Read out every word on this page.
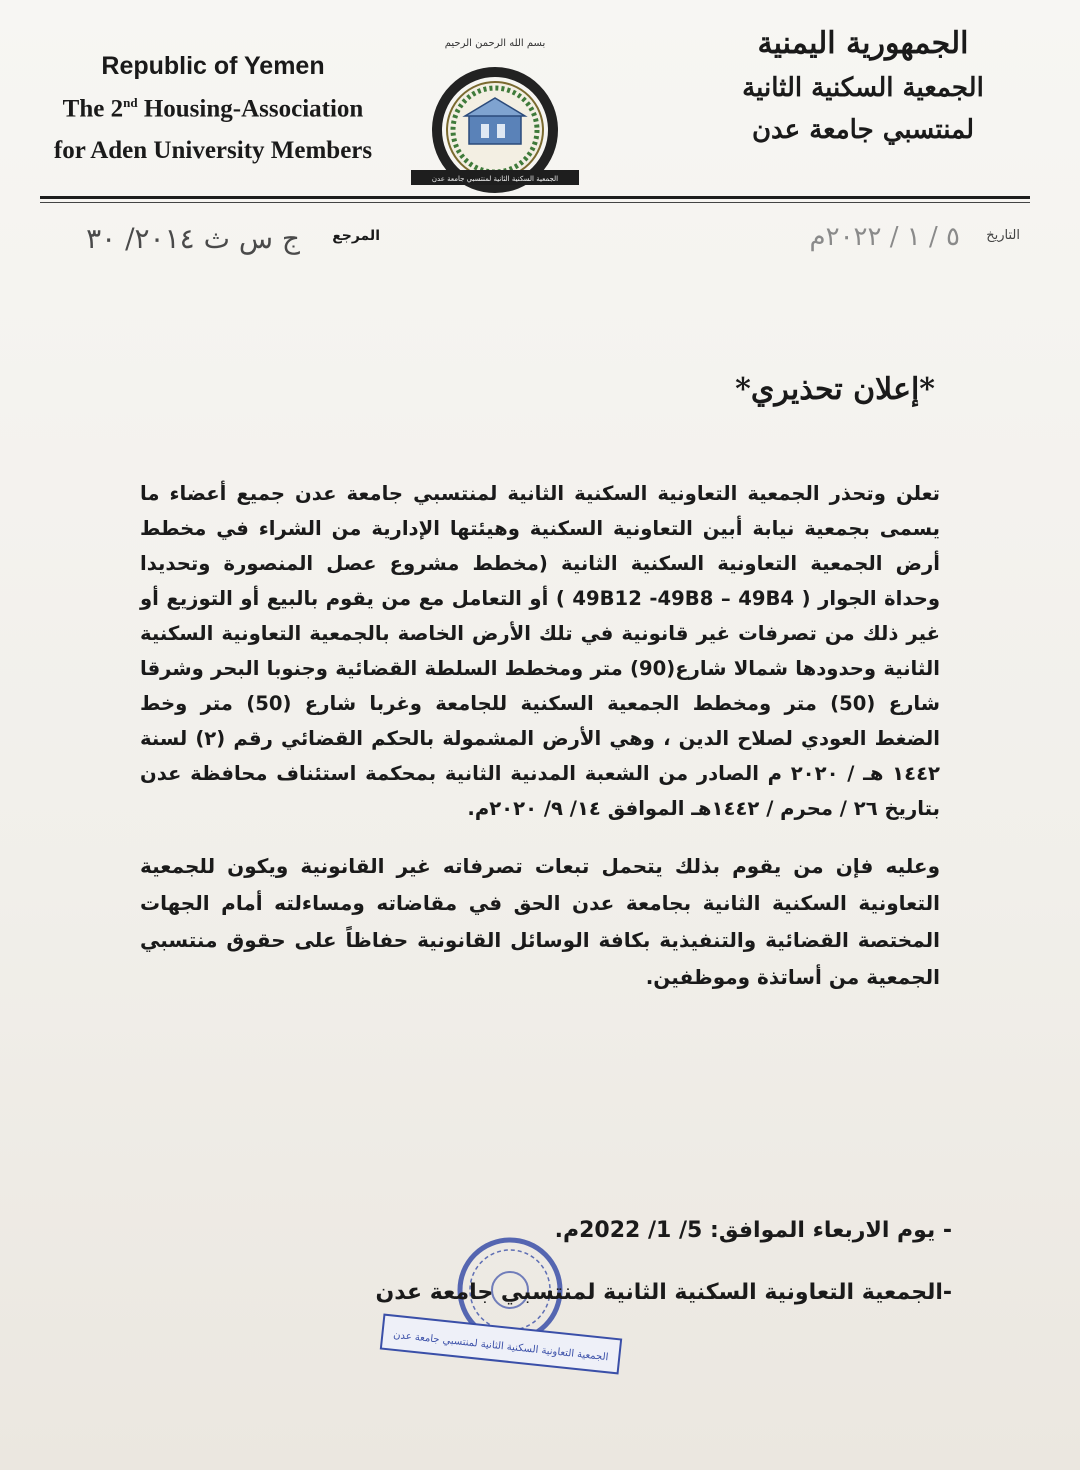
Republic of Yemen
The 2nd Housing-Association
for Aden University Members
بسم الله الرحمن الرحيم
الجمعية السكنية الثانية لمنتسبي جامعة عدن
الجمهورية اليمنية
الجمعية السكنية الثانية
لمنتسبي جامعة عدن
التاريخ
٥ / ١ / ٢٠٢٢م
المرجع
ج س ث ٢٠١٤/ ٣٠
*إعلان تحذيري*

تعلن وتحذر الجمعية التعاونية السكنية الثانية لمنتسبي جامعة عدن جميع أعضاء ما يسمى بجمعية نيابة أبين التعاونية السكنية وهيئتها الإدارية من الشراء في مخطط أرض الجمعية التعاونية السكنية الثانية (مخطط مشروع عصل المنصورة وتحديدا وحداة الجوار ( 49B12 -49B8 – 49B4 ) أو التعامل مع من يقوم بالبيع أو التوزيع أو غير ذلك من تصرفات غير قانونية في تلك الأرض الخاصة بالجمعية التعاونية السكنية الثانية وحدودها شمالا شارع(90) متر ومخطط السلطة القضائية وجنوبا البحر وشرقا شارع (50) متر ومخطط الجمعية السكنية للجامعة وغربا شارع (50) متر وخط الضغط العودي لصلاح الدين ، وهي الأرض المشمولة بالحكم القضائي رقم (٢) لسنة ١٤٤٢ هـ / ٢٠٢٠ م الصادر من الشعبة المدنية الثانية بمحكمة استئناف محافظة عدن بتاريخ ٢٦ / محرم / ١٤٤٢هـ الموافق ١٤/ ٩/ ٢٠٢٠م.

وعليه فإن من يقوم بذلك يتحمل تبعات تصرفاته غير القانونية ويكون للجمعية التعاونية السكنية الثانية بجامعة عدن الحق في مقاضاته ومساءلته أمام الجهات المختصة القضائية والتنفيذية بكافة الوسائل القانونية حفاظاً على حقوق منتسبي الجمعية من أساتذة وموظفين.

- يوم الاربعاء الموافق: 5/ 1/ 2022م.
الجمعية التعاونية السكنية الثانية لمنتسبي جامعة عدن
-الجمعية التعاونية السكنية الثانية لمنتسبي جامعة عدن
